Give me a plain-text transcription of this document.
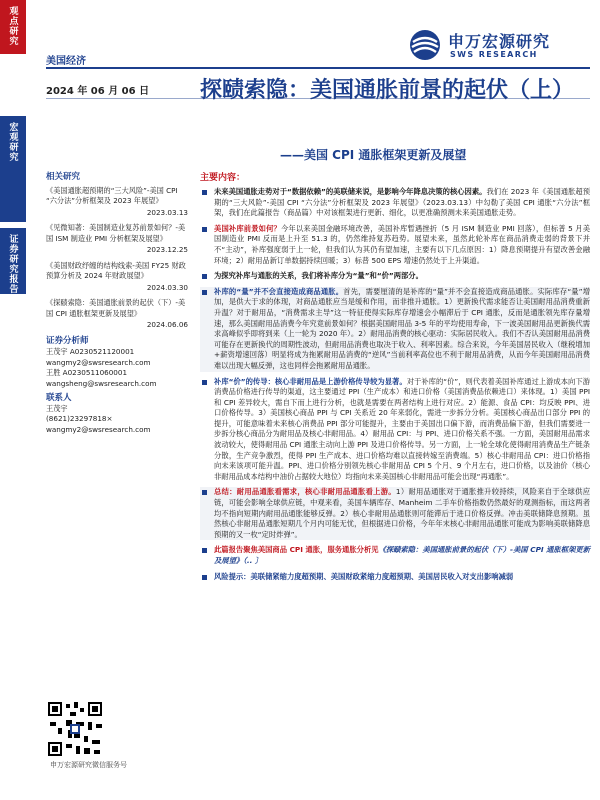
观点研究
宏观研究
证券研究报告
申万宏源研究
SWS RESEARCH
美国经济
2024 年 06 月 06 日 探赜索隐：美国通胀前景的起伏（上）
——美国 CPI 通胀框架更新及展望
相关研究
《美国通胀超预期的“三大风险”-美国 CPI “六分法”分析框架及 2023 年展望》
2023.03.13
《见微知著：美国制造业复苏前景如何？-美国 ISM 制造业 PMI 分析框架及展望》
2023.12.25
《美国财政纾缠的结构线索-美国 FY25 财政预算分析及 2024 年财政展望》
2024.03.30
《探赜索隐：美国通胀前景的起伏（下）-美国 CPI 通胀框架更新及展望》
2024.06.06
证券分析师
王茂宇 A0230521120001
wangmy2@swsresearch.com
王胜 A0230511060001
wangsheng@swsresearch.com
联系人
王茂宇
(8621)23297818×
wangmy2@swsresearch.com
主要内容：
未来美国通胀走势对于“数据依赖”的美联储来说，是影响今年降息决策的核心因素。我们在 2023 年《美国通胀超预期的“三大风险”-美国 CPI “六分法”分析框架及 2023 年展望》（2023.03.13）中勾勒了美国 CPI 通胀“六分法”框架，我们在此篇报告（商品篇）中对该框架进行更新、细化，以更准确预测未来美国通胀走势。
美国补库前景如何？今年以来美国金融环境改善，美国补库暂遇挫折（5 月 ISM 制造业 PMI 回落），但标普 5 月美国制造业 PMI 反而是上升至 51.3 的，仍然维持复苏趋势。展望未来，虽然此轮补库在商品消费走弱的背景下并不“主动”，补库强度弱于上一轮，但我们认为其仍有望加速，主要有以下几点原因：1）降息预期提升有望改善金融环境；2）耐用品新订单数据持续回暖；3）标普 500 EPS 增速仍然处于上升渠道。
为探究补库与通胀的关系，我们将补库分为“量”和“价”两部分。
补库的“量”并不会直接造成商品通胀。首先，需要厘清的是补库的“量”并不会直接造成商品通胀。实际库存“量”增加，是供大于求的体现，对商品通胀应当是缓和作用，而非推升通胀。1）更新换代需求能否让美国耐用品消费重新升温？对于耐用品，“消费需求主导”这一特征使得实际库存增速会小幅滞后于 CPI 通胀，反而是通胀领先库存量增速，那么美国耐用品消费今年究竟前景如何？根据美国耐用品 3-5 年的平均使用寿命，下一波美国耐用品更新换代需求高峰似乎即将到来（上一轮为 2020 年）。2）耐用品消费的核心驱动：实际居民收入。我们不否认美国耐用品消费可能存在更新换代的周期性波动，但耐用品消费也取决于收入、利率因素。综合来说，今年美国居民收入（继税增加+薪资增速回落）明显将成为拖累耐用品消费的“逆风”当前利率高位也不利于耐用品消费，从而今年美国耐用品消费难以出现大幅反弹，这也同样会拖累耐用品通胀。
补库“价”的传导：核心非耐用品是上游价格传导较为显著。对于补库的“价”，则代表着美国补库通过上游成本向下游消费品价格进行传导的渠道，这主要通过 PPI（生产成本）和进口价格（美国消费品依赖进口）来体现。1）美国 PPI 和 CPI 差异较大，需自下而上进行分析，也就是需要在两者结构上进行对应。2）能源、食品 CPI：均反映 PPI、进口价格传导。3）美国核心商品 PPI 与 CPI 关系近 20 年来弱化，需进一步拆分分析。美国核心商品出口部分 PPI 的提升，可能意味着未来核心消费品 PPI 部分可能提升，主要由于美国出口偏下游，而消费品偏下游，但我们需要进一步拆分核心商品分为耐用品及核心非耐用品。4）耐用品 CPI：与 PPI、进口价格关系不强。一方面，美国耐用品需求波动较大，使得耐用品 CPI 通胀主动向上游 PPI 及进口价格传导。另一方面，上一轮全球化使得耐用消费品生产链条分散，生产竞争激烈，使得 PPI 生产成本、进口价格均难以直接转嫁至消费端。5）核心非耐用品 CPI：进口价格指向未来该项可能升温。PPI、进口价格分别领先核心非耐用品 CPI 5 个月、9 个月左右，进口价格，以及油价（核心非耐用品成本结构中油价占据较大地位）均指向未来美国核心非耐用品可能会出现“再通胀”。
总结：耐用品通胀看需求，核心非耐用品通胀看上游。1）耐用品通胀对于通胀推升较持续，风险来自于全球供应链，可能会影响全球供应链，中观来看，美国车辆库存、Manheim 二手车价格指数仍然最好的观测指标，而这两者均不指向短期内耐用品通胀能够反弹。2）核心非耐用品通胀则可能滞后于进口价格反弹。冲击美联储降息预期。虽然核心非耐用品通胀短期几个月内可能无忧，但根据进口价格，今年年末核心非耐用品通胀可能成为影响美联储降息预期的又一枚“定时炸弹”。
此篇报告聚焦美国商品 CPI 通胀，服务通胀分析见《探赜索隐：美国通胀前景的起伏（下）-美国 CPI 通胀框架更新及展望》（.. 〕
风险提示：美联储紧缩力度超预期、美国财政紧缩力度超预期、美国居民收入对支出影响减弱
申万宏源研究微信服务号
